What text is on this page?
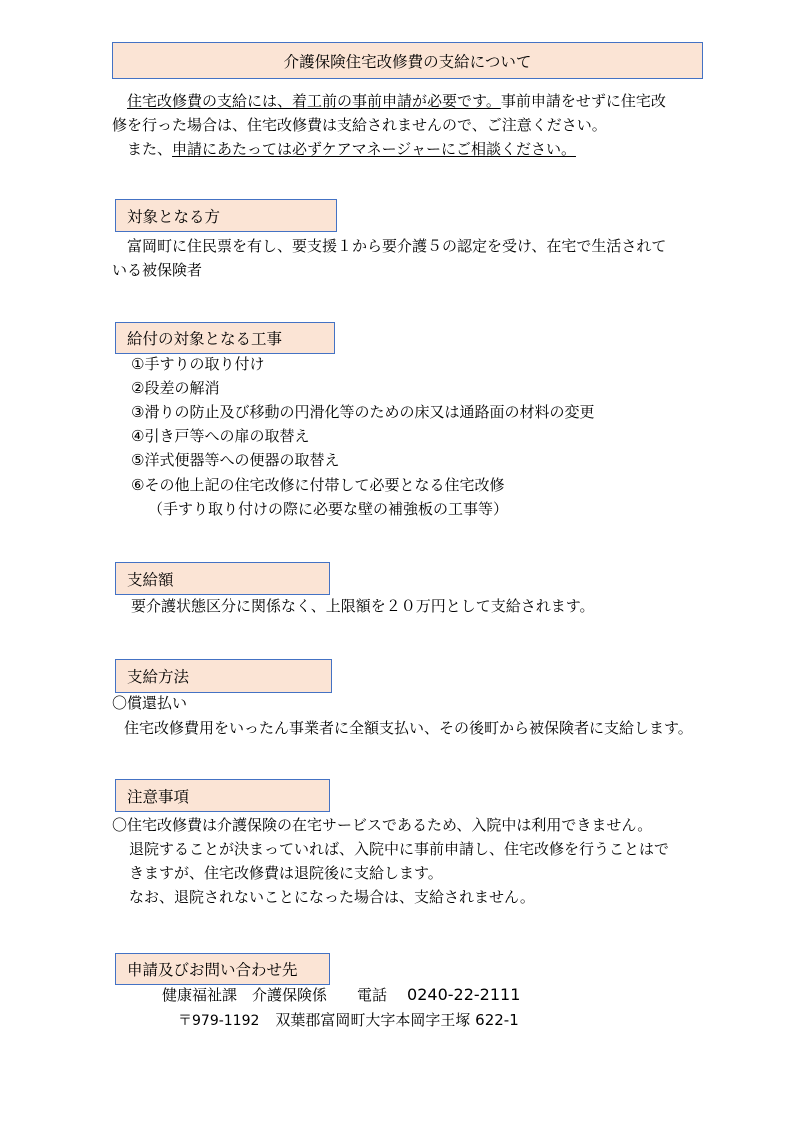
介護保険住宅改修費の支給について
　住宅改修費の支給には、着工前の事前申請が必要です。事前申請をせずに住宅改
修を行った場合は、住宅改修費は支給されませんので、ご注意ください。
　また、申請にあたっては必ずケアマネージャーにご相談ください。
対象となる方
　富岡町に住民票を有し、要支援１から要介護５の認定を受け、在宅で生活されて
いる被保険者
給付の対象となる工事
①手すりの取り付け
②段差の解消
③滑りの防止及び移動の円滑化等のための床又は通路面の材料の変更
④引き戸等への扉の取替え
⑤洋式便器等への便器の取替え
⑥その他上記の住宅改修に付帯して必要となる住宅改修
（手すり取り付けの際に必要な壁の補強板の工事等）
支給額
要介護状態区分に関係なく、上限額を２０万円として支給されます。
支給方法
〇償還払い
住宅改修費用をいったん事業者に全額支払い、その後町から被保険者に支給します。
注意事項
〇住宅改修費は介護保険の在宅サービスであるため、入院中は利用できません。
退院することが決まっていれば、入院中に事前申請し、住宅改修を行うことはで
きますが、住宅改修費は退院後に支給します。
なお、退院されないことになった場合は、支給されません。
申請及びお問い合わせ先
健康福祉課　介護保険係 電話 0240-22-2111
〒979-1192 双葉郡富岡町大字本岡字王塚 622-1
